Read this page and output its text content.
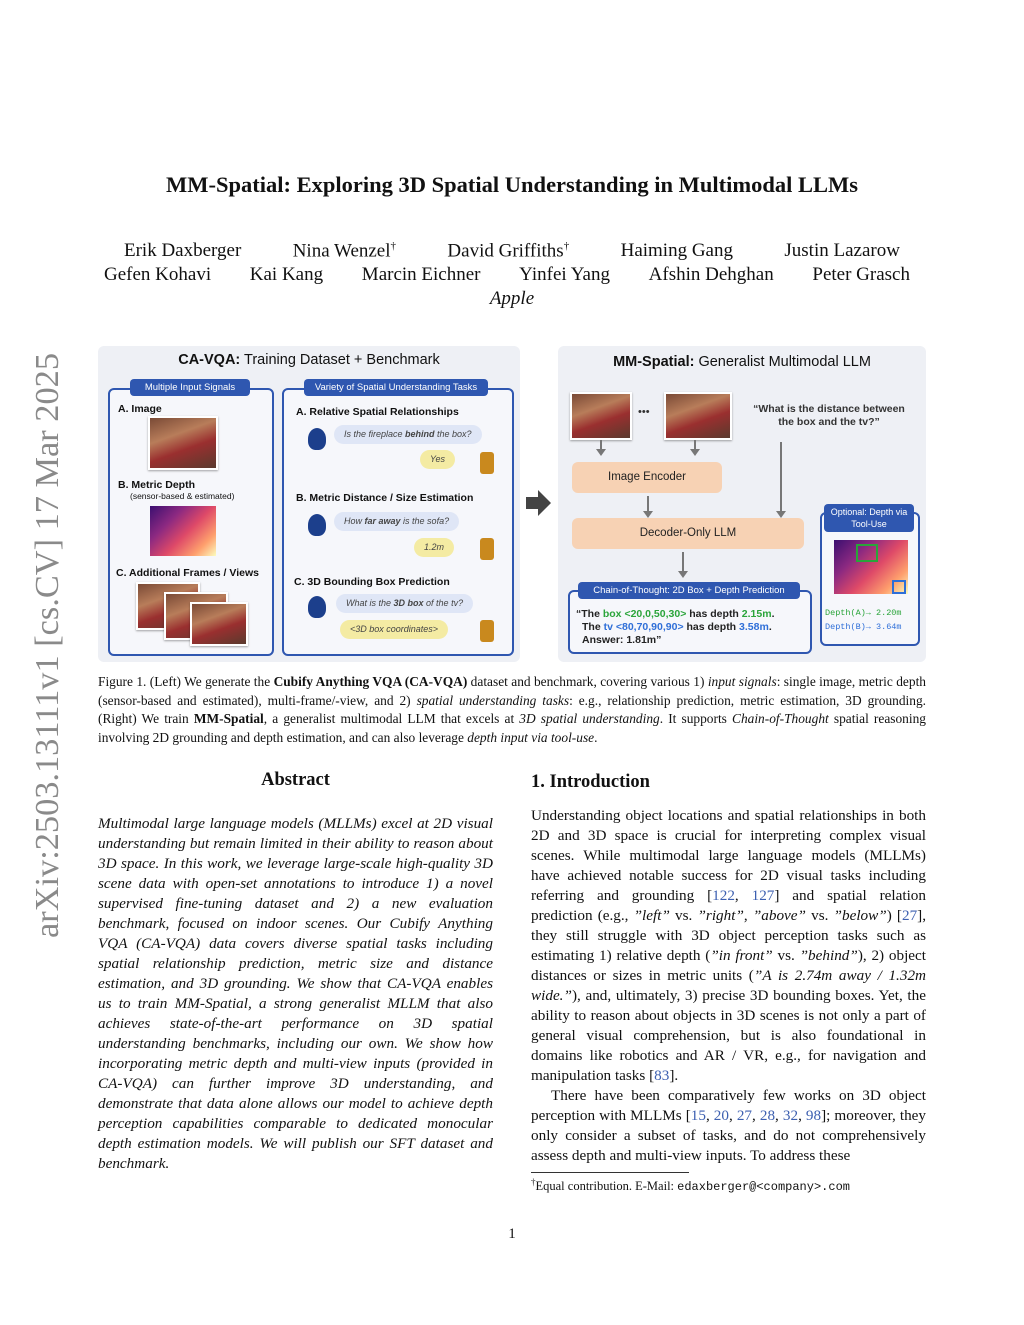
arXiv:2503.13111v1 [cs.CV] 17 Mar 2025
MM-Spatial: Exploring 3D Spatial Understanding in Multimodal LLMs
Erik Daxberger	Nina Wenzel†	David Griffiths†	Haiming Gang	Justin Lazarow
Gefen Kohavi Kai Kang Marcin Eichner Yinfei Yang Afshin Dehghan Peter Grasch
Apple
CA-VQA: Training Dataset + Benchmark
Multiple Input Signals
A. Image
B. Metric Depth
(sensor-based & estimated)
C. Additional Frames / Views
Variety of Spatial Understanding Tasks
A. Relative Spatial Relationships
Is the fireplace behind the box?
Yes
B. Metric Distance / Size Estimation
How far away is the sofa?
1.2m
C. 3D Bounding Box Prediction
What is the 3D box of the tv?
<3D box coordinates>
MM-Spatial: Generalist Multimodal LLM
•••	“What is the distance between the box and the tv?”
Image Encoder
Decoder-Only LLM
Optional: Depth via Tool-Use
Depth(A)→ 2.20m
Depth(B)→ 3.64m
Chain-of-Thought: 2D Box + Depth Prediction
“The box <20,0,50,30> has depth 2.15m.
The tv <80,70,90,90> has depth 3.58m.
Answer: 1.81m”
Figure 1. (Left) We generate the Cubify Anything VQA (CA-VQA) dataset and benchmark, covering various 1) input signals: single image, metric depth (sensor-based and estimated), multi-frame/-view, and 2) spatial understanding tasks: e.g., relationship prediction, metric estimation, 3D grounding. (Right) We train MM-Spatial, a generalist multimodal LLM that excels at 3D spatial understanding. It supports Chain-of-Thought spatial reasoning involving 2D grounding and depth estimation, and can also leverage depth input via tool-use.
Abstract
Multimodal large language models (MLLMs) excel at 2D visual understanding but remain limited in their ability to reason about 3D space. In this work, we leverage large-scale high-quality 3D scene data with open-set annotations to introduce 1) a novel supervised fine-tuning dataset and 2) a new evaluation benchmark, focused on indoor scenes. Our Cubify Anything VQA (CA-VQA) data covers diverse spatial tasks including spatial relationship prediction, metric size and distance estimation, and 3D grounding. We show that CA-VQA enables us to train MM-Spatial, a strong generalist MLLM that also achieves state-of-the-art performance on 3D spatial understanding benchmarks, including our own. We show how incorporating metric depth and multi-view inputs (provided in CA-VQA) can further improve 3D understanding, and demonstrate that data alone allows our model to achieve depth perception capabilities comparable to dedicated monocular depth estimation models. We will publish our SFT dataset and benchmark.
1. Introduction

Understanding object locations and spatial relationships in both 2D and 3D space is crucial for interpreting complex visual scenes. While multimodal large language models (MLLMs) have achieved notable success for 2D visual tasks including referring and grounding [122, 127] and spatial relation prediction (e.g., ”left” vs. ”right”, ”above” vs. ”below”) [27], they still struggle with 3D object perception tasks such as estimating 1) relative depth (”in front” vs. ”behind”), 2) object distances or sizes in metric units (”A is 2.74m away / 1.32m wide.”), and, ultimately, 3) precise 3D bounding boxes. Yet, the ability to reason about objects in 3D scenes is not only a part of general visual comprehension, but is also foundational in domains like robotics and AR / VR, e.g., for navigation and manipulation tasks [83].

There have been comparatively few works on 3D object perception with MLLMs [15, 20, 27, 28, 32, 98]; moreover, they only consider a subset of tasks, and do not comprehensively assess depth and multi-view inputs. To address these

†Equal contribution. E-Mail: edaxberger@<company>.com
1
